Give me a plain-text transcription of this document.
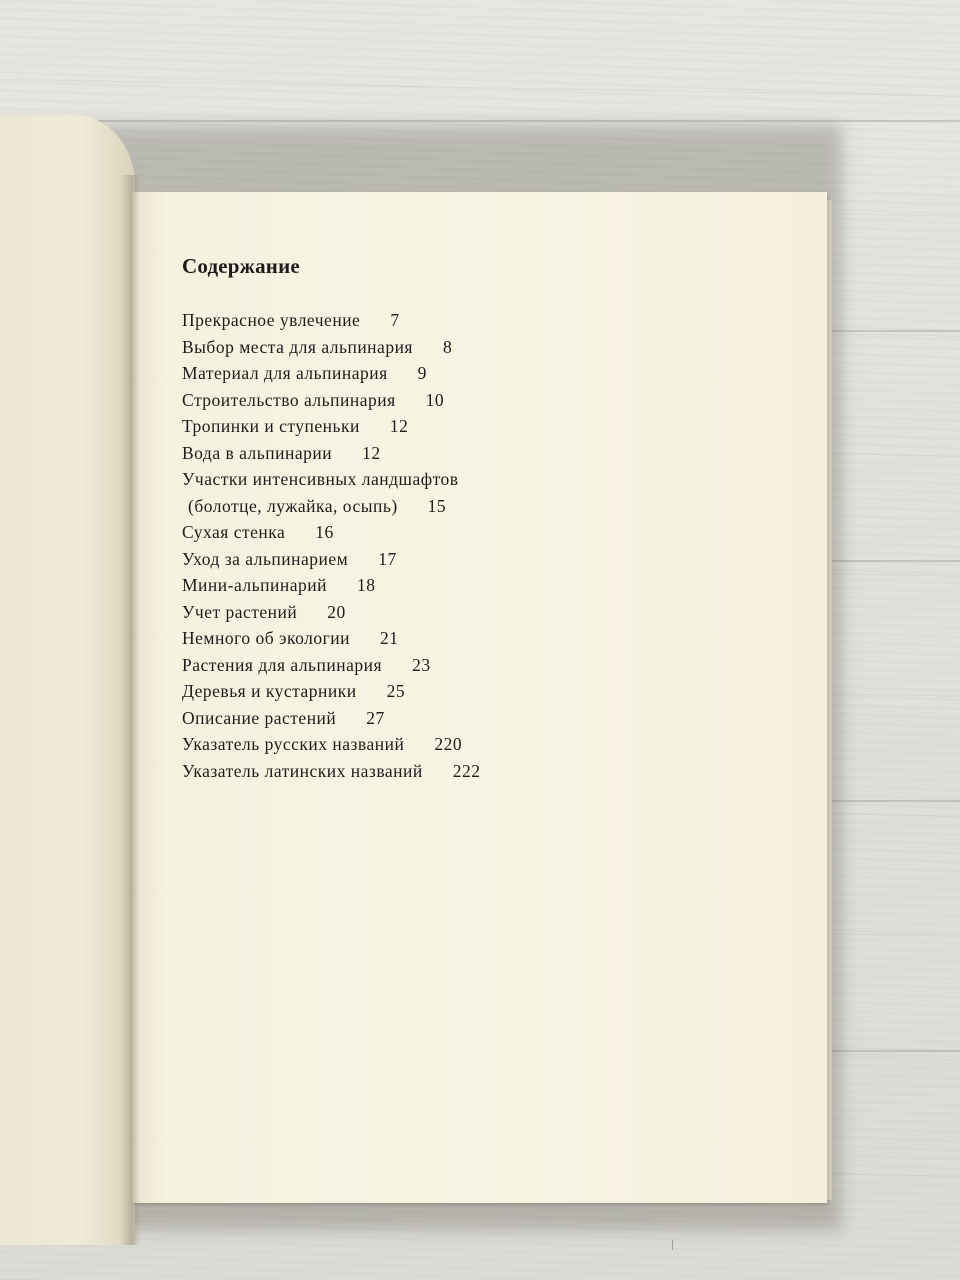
Содержание
Прекрасное увлечение 7
Выбор места для альпинария 8
Материал для альпинария 9
Строительство альпинария 10
Тропинки и ступеньки 12
Вода в альпинарии 12
Участки интенсивных ландшафтов
(болотце, лужайка, осыпь) 15
Сухая стенка 16
Уход за альпинарием 17
Мини-альпинарий 18
Учет растений 20
Немного об экологии 21
Растения для альпинария 23
Деревья и кустарники 25
Описание растений 27
Указатель русских названий 220
Указатель латинских названий 222
